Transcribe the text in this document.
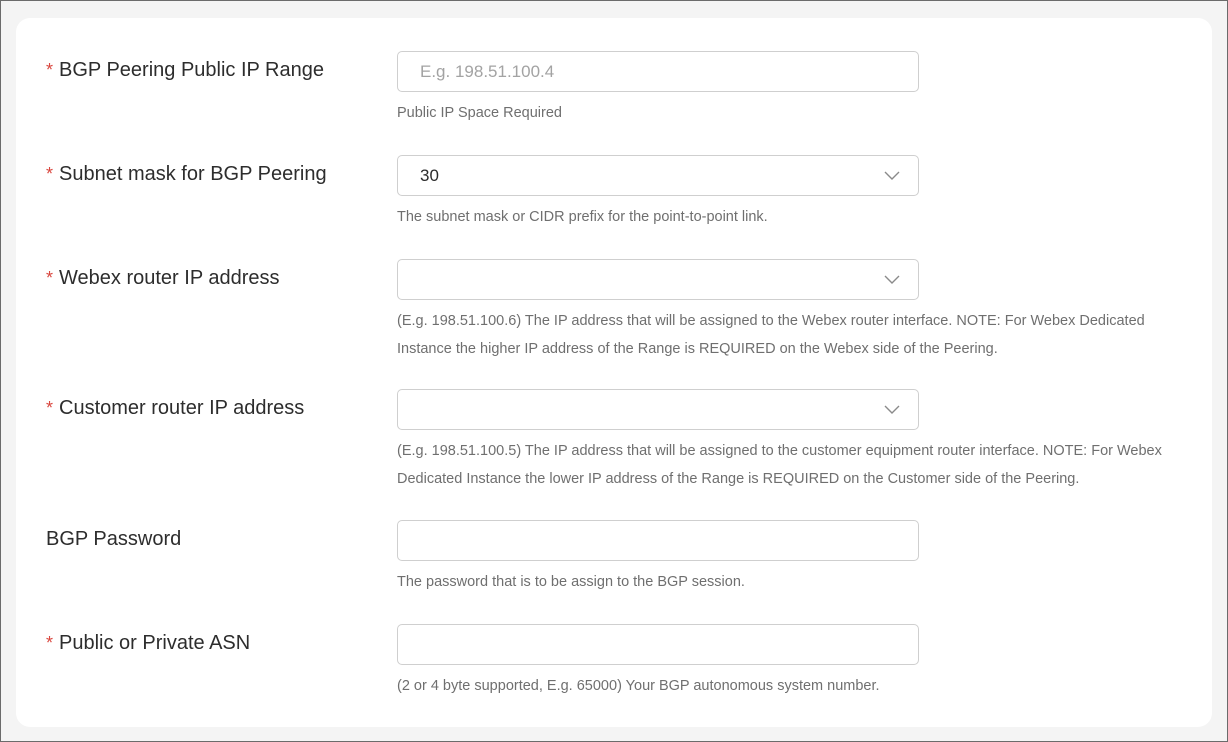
* BGP Peering Public IP Range
E.g. 198.51.100.4
Public IP Space Required
* Subnet mask for BGP Peering	30
The subnet mask or CIDR prefix for the point-to-point link.
* Webex router IP address
(E.g. 198.51.100.6) The IP address that will be assigned to the Webex router interface. NOTE: For Webex Dedicated Instance the higher IP address of the Range is REQUIRED on the Webex side of the Peering.
* Customer router IP address
(E.g. 198.51.100.5) The IP address that will be assigned to the customer equipment router interface. NOTE: For Webex Dedicated Instance the lower IP address of the Range is REQUIRED on the Customer side of the Peering.
BGP Password
The password that is to be assign to the BGP session.
* Public or Private ASN
(2 or 4 byte supported, E.g. 65000) Your BGP autonomous system number.
